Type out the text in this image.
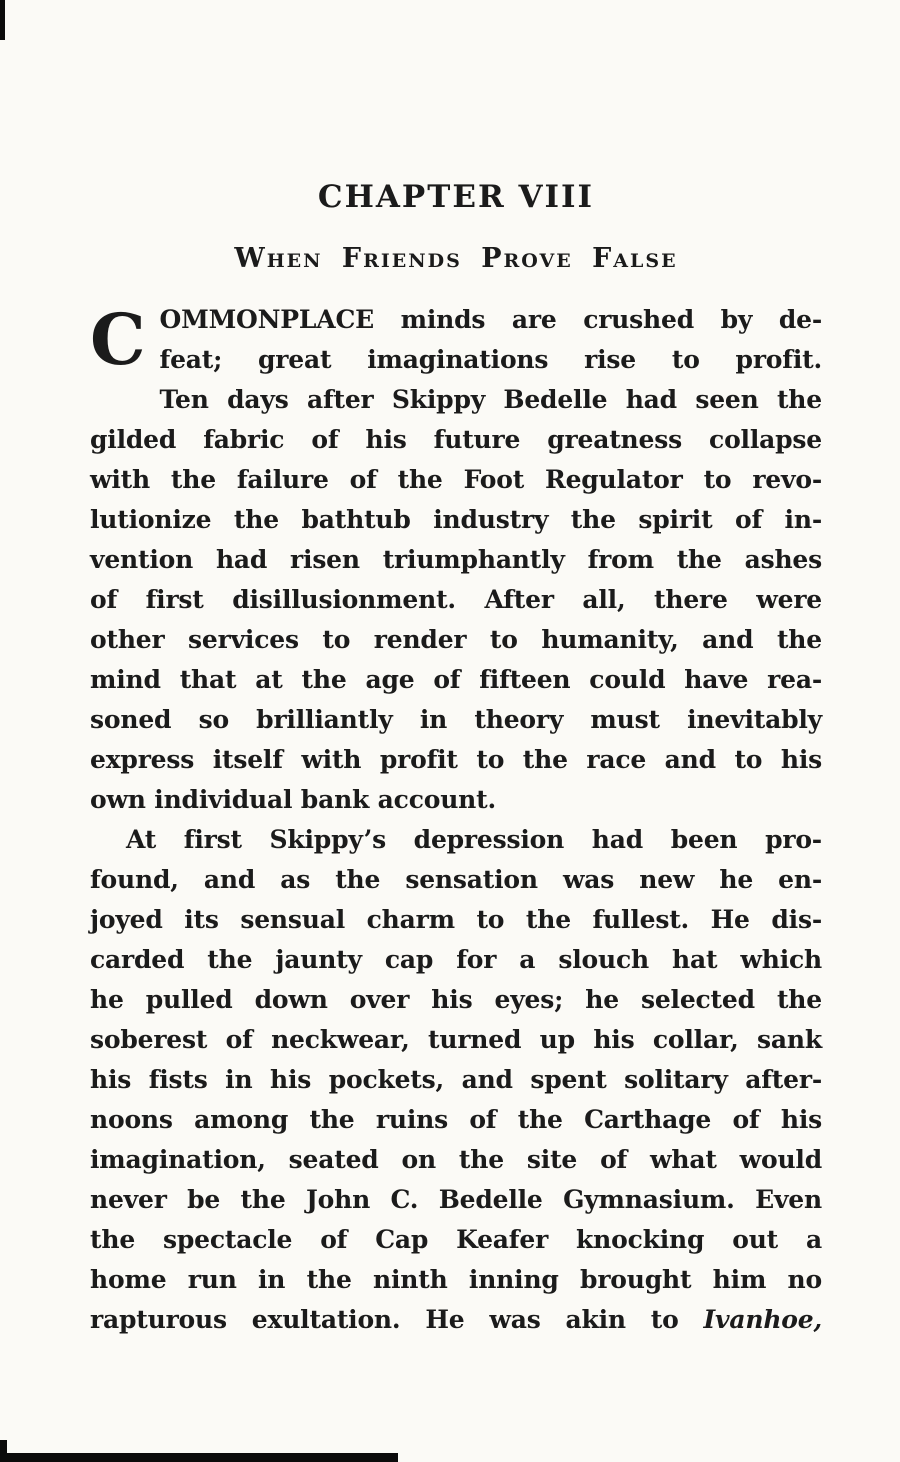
CHAPTER VIII
When Friends Prove False
C OMMONPLACE minds are crushed by de-
feat; great imaginations rise to profit.
Ten days after Skippy Bedelle had seen the
gilded fabric of his future greatness collapse
with the failure of the Foot Regulator to revo-
lutionize the bathtub industry the spirit of in-
vention had risen triumphantly from the ashes
of first disillusionment. After all, there were
other services to render to humanity, and the
mind that at the age of fifteen could have rea-
soned so brilliantly in theory must inevitably
express itself with profit to the race and to his
own individual bank account.
At first Skippy’s depression had been pro-
found, and as the sensation was new he en-
joyed its sensual charm to the fullest. He dis-
carded the jaunty cap for a slouch hat which
he pulled down over his eyes; he selected the
soberest of neckwear, turned up his collar, sank
his fists in his pockets, and spent solitary after-
noons among the ruins of the Carthage of his
imagination, seated on the site of what would
never be the John C. Bedelle Gymnasium. Even
the spectacle of Cap Keafer knocking out a
home run in the ninth inning brought him no
rapturous exultation. He was akin to Ivanhoe,
